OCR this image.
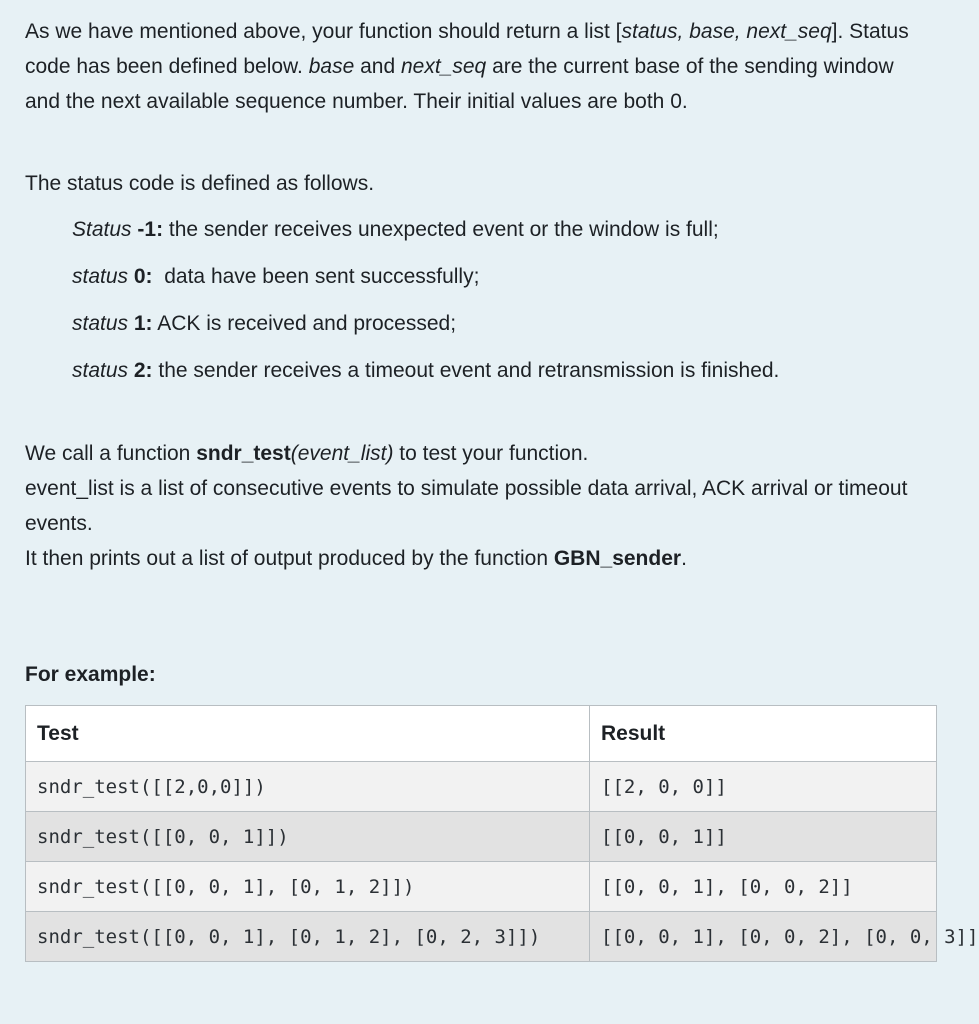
As we have mentioned above, your function should return a list [status, base, next_seq]. Status code has been defined below. base and next_seq are the current base of the sending window and the next available sequence number. Their initial values are both 0.

The status code is defined as follows.

Status -1: the sender receives unexpected event or the window is full;
status 0:  data have been sent successfully;
status 1: ACK is received and processed;
status 2: the sender receives a timeout event and retransmission is finished.

We call a function sndr_test(event_list) to test your function.

event_list is a list of consecutive events to simulate possible data arrival, ACK arrival or timeout events.

It then prints out a list of output produced by the function GBN_sender.

For example:

Test	Result
sndr_test([[2,0,0]])	[[2, 0, 0]]
sndr_test([[0, 0, 1]])	[[0, 0, 1]]
sndr_test([[0, 0, 1], [0, 1, 2]])	[[0, 0, 1], [0, 0, 2]]
sndr_test([[0, 0, 1], [0, 1, 2], [0, 2, 3]])	[[0, 0, 1], [0, 0, 2], [0, 0, 3]]
